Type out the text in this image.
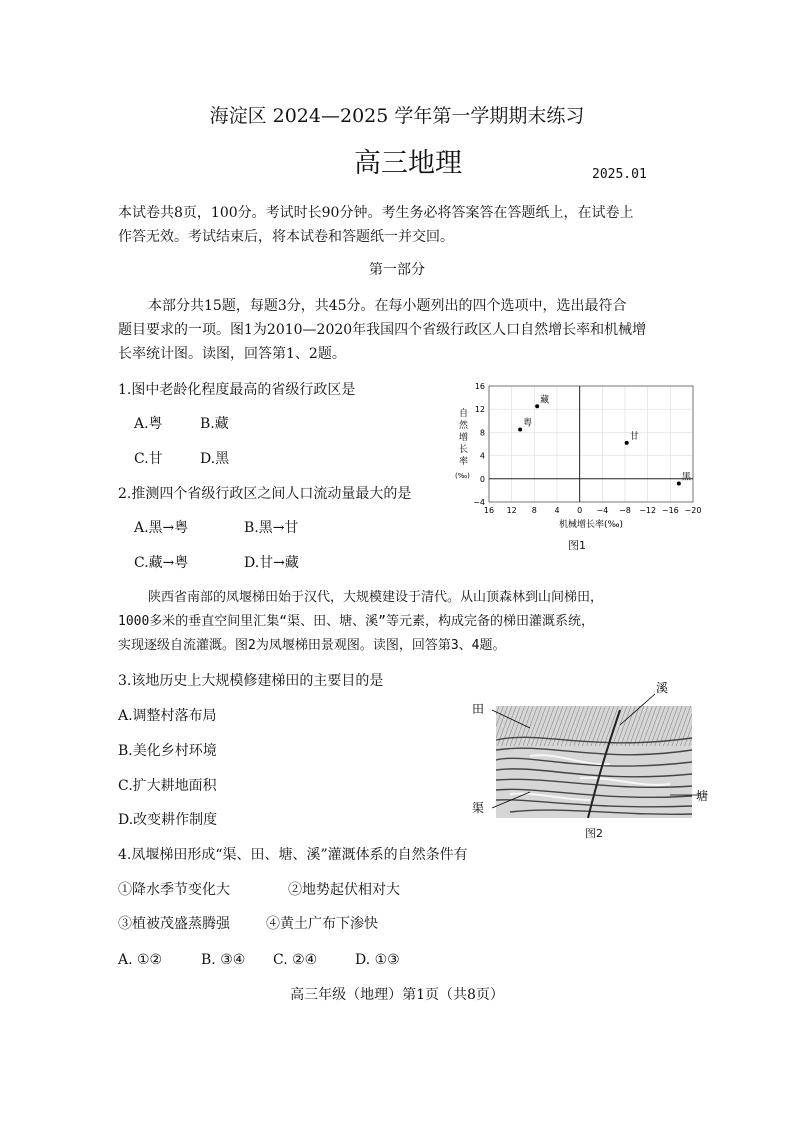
海淀区 2024—2025 学年第一学期期末练习
高三地理	2025.01
本试卷共8页，100分。考试时长90分钟。考生务必将答案答在答题纸上，在试卷上
作答无效。考试结束后，将本试卷和答题纸一并交回。
第一部分
本部分共15题，每题3分，共45分。在每小题列出的四个选项中，选出最符合
题目要求的一项。图1为2010—2020年我国四个省级行政区人口自然增长率和机械增
长率统计图。读图，回答第1、2题。
1.图中老龄化程度最高的省级行政区是
A.粤	B.藏
C.甘	D.黑
2.推测四个省级行政区之间人口流动量最大的是
A.黑→粤	B.黑→甘
C.藏→粤	D.甘→藏
16 12 8 4 0 −4 −8 −12 −16 −20
16
12
8
4
0
−4
藏
粤
甘
黑
机械增长率(‰)
自然增长率(‰)
图1
陕西省南部的凤堰梯田始于汉代，大规模建设于清代。从山顶森林到山间梯田，
1000多米的垂直空间里汇集“渠、田、塘、溪”等元素，构成完备的梯田灌溉系统，
实现逐级自流灌溉。图2为凤堰梯田景观图。读图，回答第3、4题。
3.该地历史上大规模修建梯田的主要目的是
A.调整村落布局
B.美化乡村环境
C.扩大耕地面积
D.改变耕作制度
田
溪
渠
塘
图2
4.凤堰梯田形成“渠、田、塘、溪”灌溉体系的自然条件有
①降水季节变化大	②地势起伏相对大
③植被茂盛蒸腾强	④黄土广布下渗快
A. ①②	B. ③④ C. ②④	D. ①③
高三年级（地理）第1页（共8页）
